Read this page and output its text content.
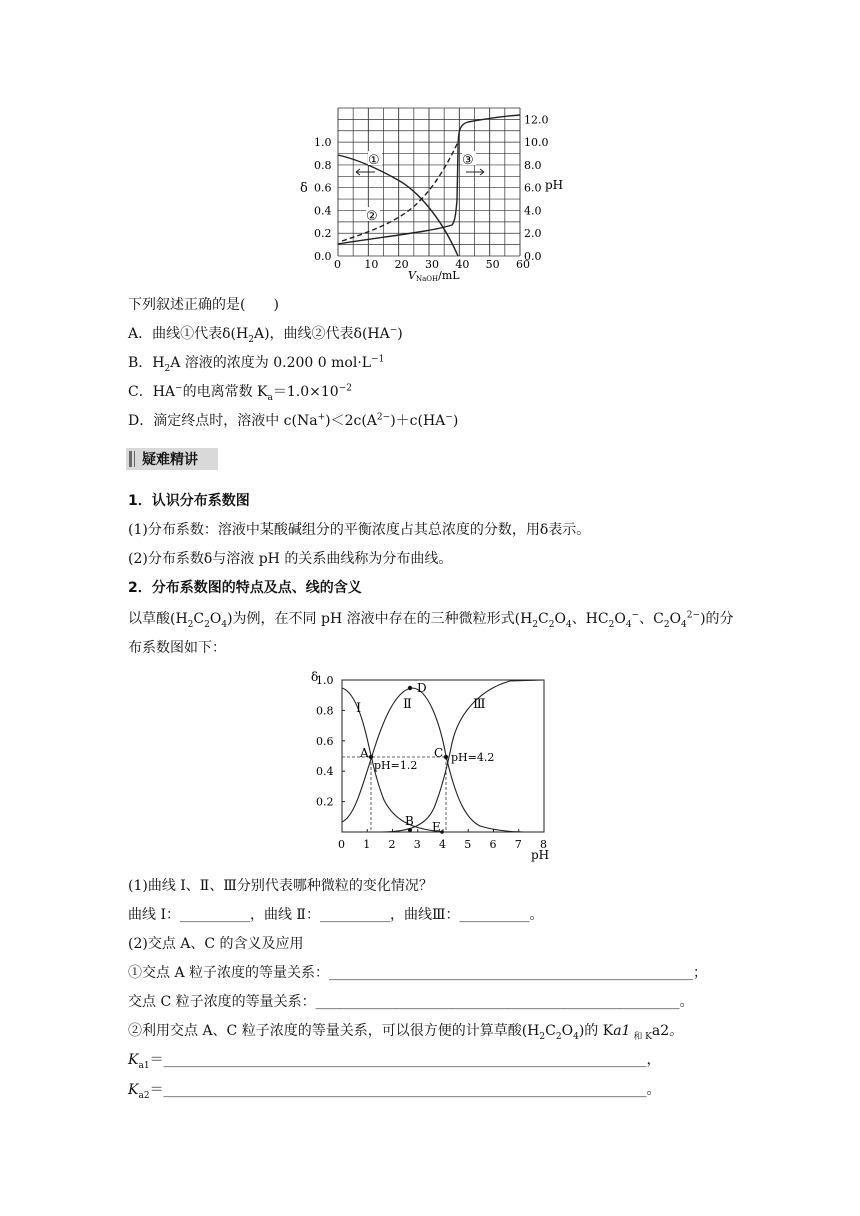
0 10 20 30 40 50 60
1.0
0.8
0.6
0.4
0.2
0.0
12.0
10.0
8.0
6.0
4.0
2.0
0.0
δ	pH
VNaOH/mL
①
②
③
下列叙述正确的是(　　)
A．曲线①代表$\delta(H_2A)$，曲线②代表δ(HA−)
B．$H_2A$ 溶液的浓度为 0.200 0 $mol\cdot L^{-1}$
C．HA−的电离常数 $K_a=1.0\times 10^{-2}$
D．滴定终点时，溶液中 $c(Na^+)<2c(A^{2-})+c(HA^-)$
疑难精讲
1．认识分布系数图
(1)分布系数：溶液中某酸碱组分的平衡浓度占其总浓度的分数，用δ表示。
(2)分布系数δ与溶液 pH 的关系曲线称为分布曲线。
2．分布系数图的特点及点、线的含义
以草酸$(H_2C_2O_4)$为例，在不同 pH 溶液中存在的三种微粒形式($H_2C_2O_4$、$HC_2O_4^-$、$C_2O_4^{2-}$)的分
布系数图如下：
0 1 2 3 4 5 6 7 8
1.0
0.8
0.6
0.4
0.2
δ
pH
A
B
C
D
E
Ⅰ	Ⅱ	Ⅲ
pH=1.2
pH=4.2
(1)曲线 Ⅰ、Ⅱ、Ⅲ分别代表哪种微粒的变化情况？
曲线 Ⅰ：__________，曲线 Ⅱ：__________，曲线Ⅲ：__________。
(2)交点 A、C 的含义及应用
①交点 A 粒子浓度的等量关系：____________________________________________________；
交点 C 粒子浓度的等量关系：____________________________________________________。
②利用交点 A、C 粒子浓度的等量关系，可以很方便的计算草酸$(H_2C_2O_4)$的 Ka1 $_{和 K}$a2。
$K_{a1}=\_\_\_\_\_\_\_\_\_\_\_\_\_\_\_\_\_\_\_\_\_\_\_\_\_\_\_\_\_\_\_\_\_\_\_\_\_\_\_\_\_\_\_\_\_\_\_\_\_\_\_\_\_\_\_\_\_\_\_\_\_\_\_\_\_\_\_\_\_$，
$K_{a2}=\_\_\_\_\_\_\_\_\_\_\_\_\_\_\_\_\_\_\_\_\_\_\_\_\_\_\_\_\_\_\_\_\_\_\_\_\_\_\_\_\_\_\_\_\_\_\_\_\_\_\_\_\_\_\_\_\_\_\_\_\_\_\_\_\_\_\_\_\_$。
